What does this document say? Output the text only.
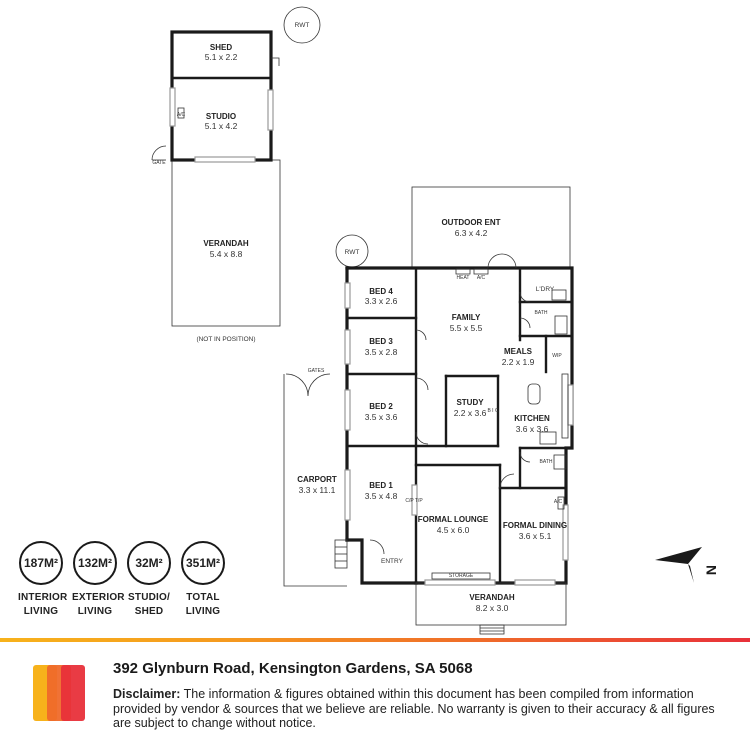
SHED
5.1 x 2.2
STUDIO
5.1 x 4.2
VERANDAH
5.4 x 8.8
(NOT IN POSITION)
RWT
RWT
GATE
GATES
A/C
OUTDOOR ENT
6.3 x 4.2
BED 4
3.3 x 2.6
BED 3
3.5 x 2.8
BED 2
3.5 x 3.6
BED 1
3.5 x 4.8
FAMILY
5.5 x 5.5
MEALS
2.2 x 1.9
STUDY
2.2 x 3.6
KITCHEN
3.6 x 3.6
CARPORT
3.3 x 11.1
FORMAL LOUNGE
4.5 x 6.0	FORMAL DINING
3.6 x 5.1
VERANDAH
8.2 x 3.0
L'DRY
BATH
BATH
WIP
B I C
ENTRY
STORAGE
HEAT A/C
A/C
C/P T/P
N
187M²
INTERIOR
LIVING
132M²
EXTERIOR
LIVING
32M²
STUDIO/
SHED
351M²
TOTAL
LIVING
392 Glynburn Road, Kensington Gardens, SA 5068
Disclaimer: The information & figures obtained within this document has been compiled from information provided by vendor & sources that we believe are reliable. No warranty is given to their accuracy & all figures are subject to change without notice.
